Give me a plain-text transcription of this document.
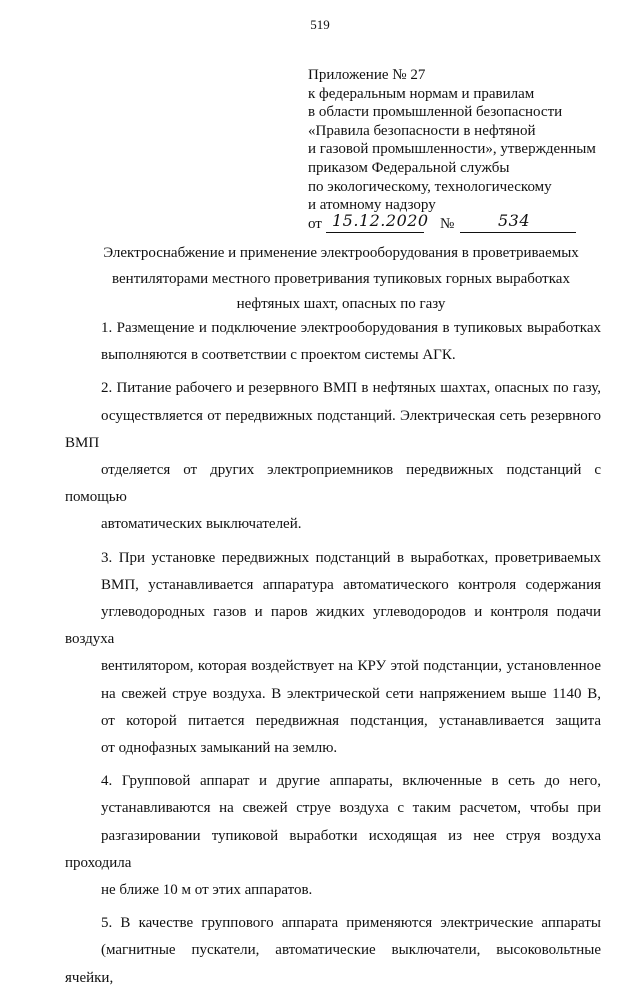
519
Приложение № 27
к федеральным нормам и правилам
в области промышленной безопасности
«Правила безопасности в нефтяной
и газовой промышленности», утвержденным
приказом Федеральной службы
по экологическому, технологическому
и атомному надзору
от 15.12.2020 №	534
Электроснабжение и применение электрооборудования в проветриваемых
вентиляторами местного проветривания тупиковых горных выработках
нефтяных шахт, опасных по газу
1. Размещение и подключение электрооборудования в тупиковых выработках
выполняются в соответствии с проектом системы АГК.
2. Питание рабочего и резервного ВМП в нефтяных шахтах, опасных по газу,
осуществляется от передвижных подстанций. Электрическая сеть резервного ВМП
отделяется от других электроприемников передвижных подстанций с помощью
автоматических выключателей.
3. При установке передвижных подстанций в выработках, проветриваемых
ВМП, устанавливается аппаратура автоматического контроля содержания
углеводородных газов и паров жидких углеводородов и контроля подачи воздуха
вентилятором, которая воздействует на КРУ этой подстанции, установленное
на свежей струе воздуха. В электрической сети напряжением выше 1140 В,
от которой питается передвижная подстанция, устанавливается защита
от однофазных замыканий на землю.
4. Групповой аппарат и другие аппараты, включенные в сеть до него,
устанавливаются на свежей струе воздуха с таким расчетом, чтобы при
разгазировании тупиковой выработки исходящая из нее струя воздуха проходила
не ближе 10 м от этих аппаратов.
5. В качестве группового аппарата применяются электрические аппараты
(магнитные пускатели, автоматические выключатели, высоковольтные ячейки,
